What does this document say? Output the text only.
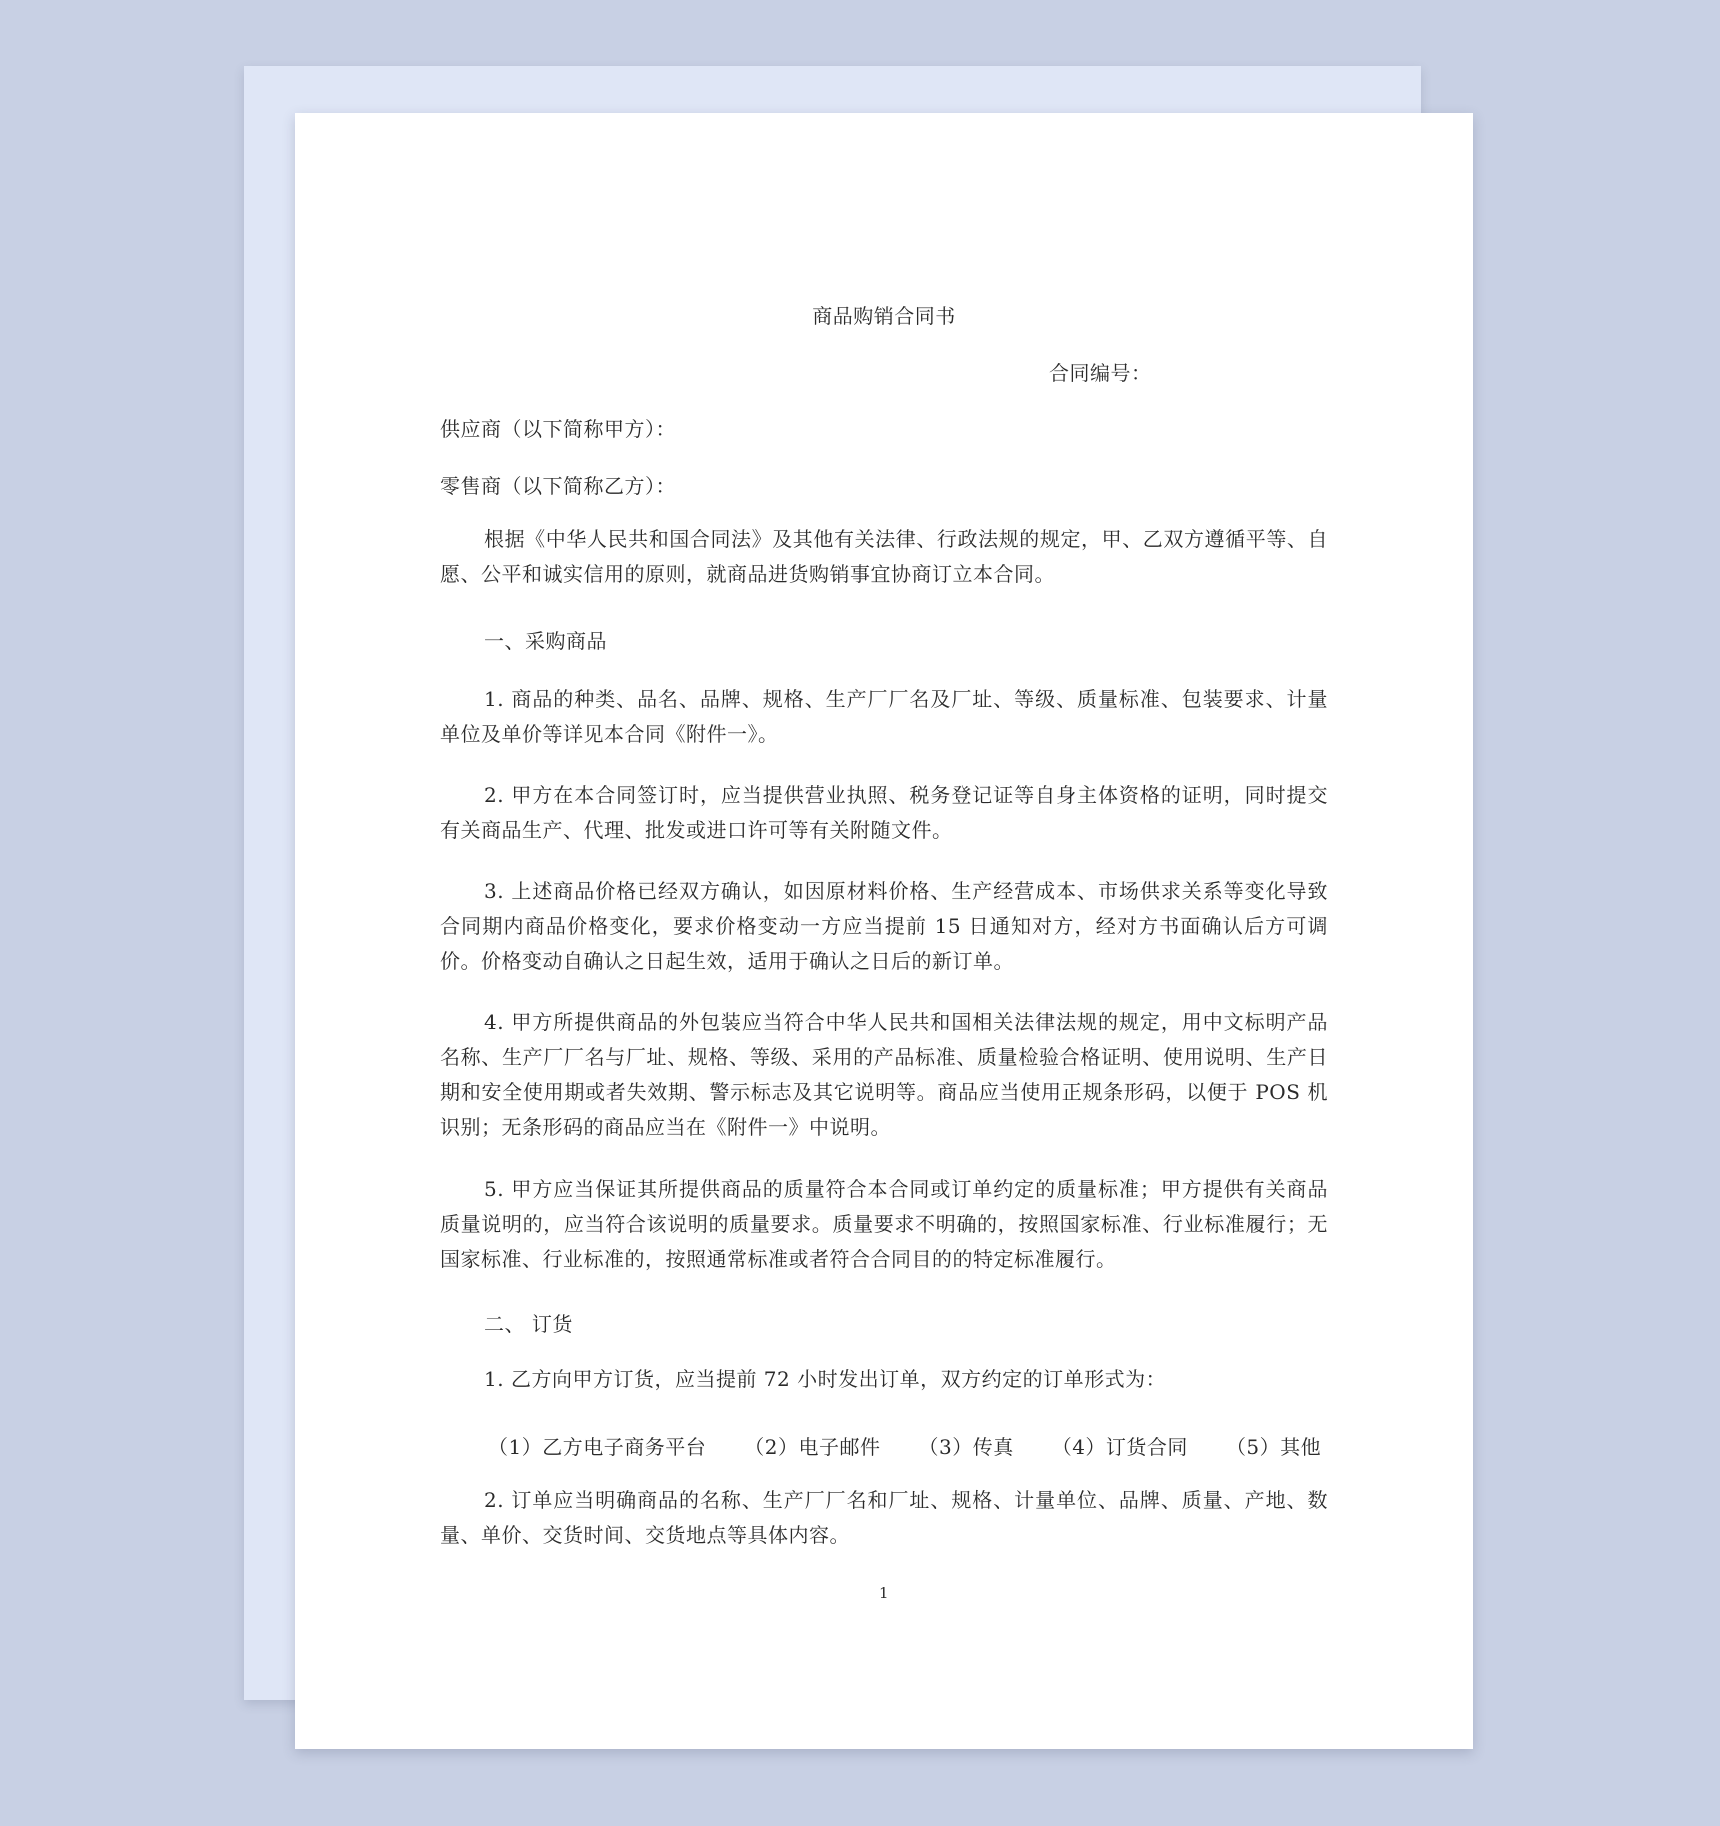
商品购销合同书
合同编号：
供应商（以下简称甲方）：
零售商（以下简称乙方）：
根据《中华人民共和国合同法》及其他有关法律、行政法规的规定，甲、乙双方遵循平等、自愿、公平和诚实信用的原则，就商品进货购销事宜协商订立本合同。
一、采购商品
1. 商品的种类、品名、品牌、规格、生产厂厂名及厂址、等级、质量标准、包装要求、计量单位及单价等详见本合同《附件一》。
2. 甲方在本合同签订时，应当提供营业执照、税务登记证等自身主体资格的证明，同时提交有关商品生产、代理、批发或进口许可等有关附随文件。
3. 上述商品价格已经双方确认，如因原材料价格、生产经营成本、市场供求关系等变化导致合同期内商品价格变化，要求价格变动一方应当提前 15 日通知对方，经对方书面确认后方可调价。价格变动自确认之日起生效，适用于确认之日后的新订单。
4. 甲方所提供商品的外包装应当符合中华人民共和国相关法律法规的规定，用中文标明产品名称、生产厂厂名与厂址、规格、等级、采用的产品标准、质量检验合格证明、使用说明、生产日期和安全使用期或者失效期、警示标志及其它说明等。商品应当使用正规条形码，以便于 POS 机识别；无条形码的商品应当在《附件一》中说明。
5. 甲方应当保证其所提供商品的质量符合本合同或订单约定的质量标准；甲方提供有关商品质量说明的，应当符合该说明的质量要求。质量要求不明确的，按照国家标准、行业标准履行；无国家标准、行业标准的，按照通常标准或者符合合同目的的特定标准履行。
二、 订货
1. 乙方向甲方订货，应当提前 72 小时发出订单，双方约定的订单形式为：
（1）乙方电子商务平台 （2）电子邮件 （3）传真 （4）订货合同 （5）其他
2. 订单应当明确商品的名称、生产厂厂名和厂址、规格、计量单位、品牌、质量、产地、数量、单价、交货时间、交货地点等具体内容。
1
